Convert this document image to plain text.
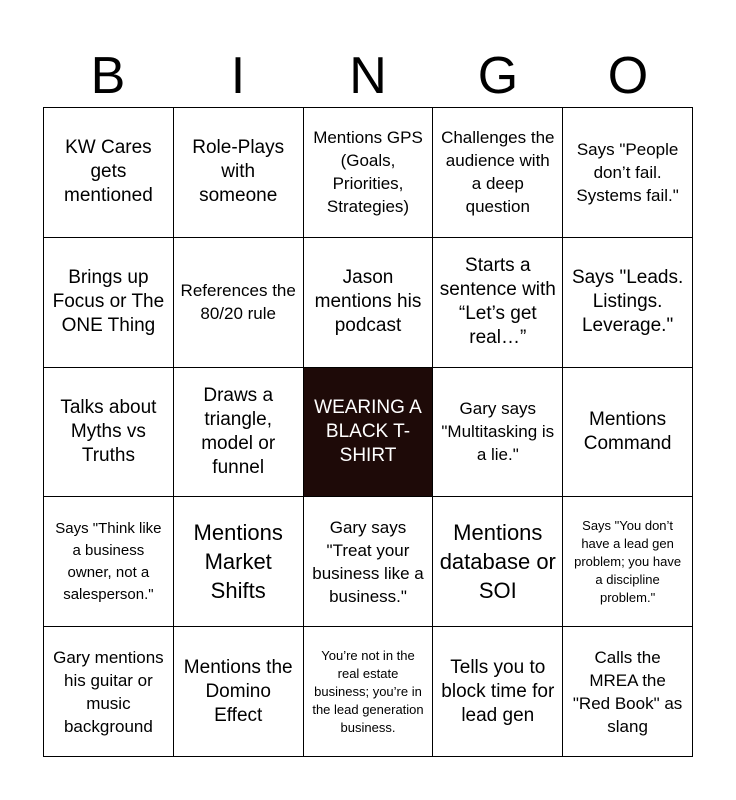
B	I	N	G	O
KW Cares gets mentioned
Role-Plays with someone
Mentions GPS (Goals, Priorities, Strategies)
Challenges the audience with a deep question
Says "People don’t fail. Systems fail."
Brings up Focus or The ONE Thing
References the 80/20 rule
Jason mentions his podcast
Starts a sentence with “Let’s get real…”
Says "Leads. Listings. Leverage."
Talks about Myths vs Truths
Draws a triangle, model or funnel
WEARING A BLACK T-SHIRT
Gary says "Multitasking is a lie."
Mentions Command
Says "Think like a business owner, not a salesperson."
Mentions Market Shifts
Gary says "Treat your business like a business."
Mentions database or SOI
Says "You don’t have a lead gen problem; you have a discipline problem."
Gary mentions his guitar or music background
Mentions the Domino Effect
You’re not in the real estate business; you’re in the lead generation business.
Tells you to block time for lead gen
Calls the MREA the "Red Book" as slang
